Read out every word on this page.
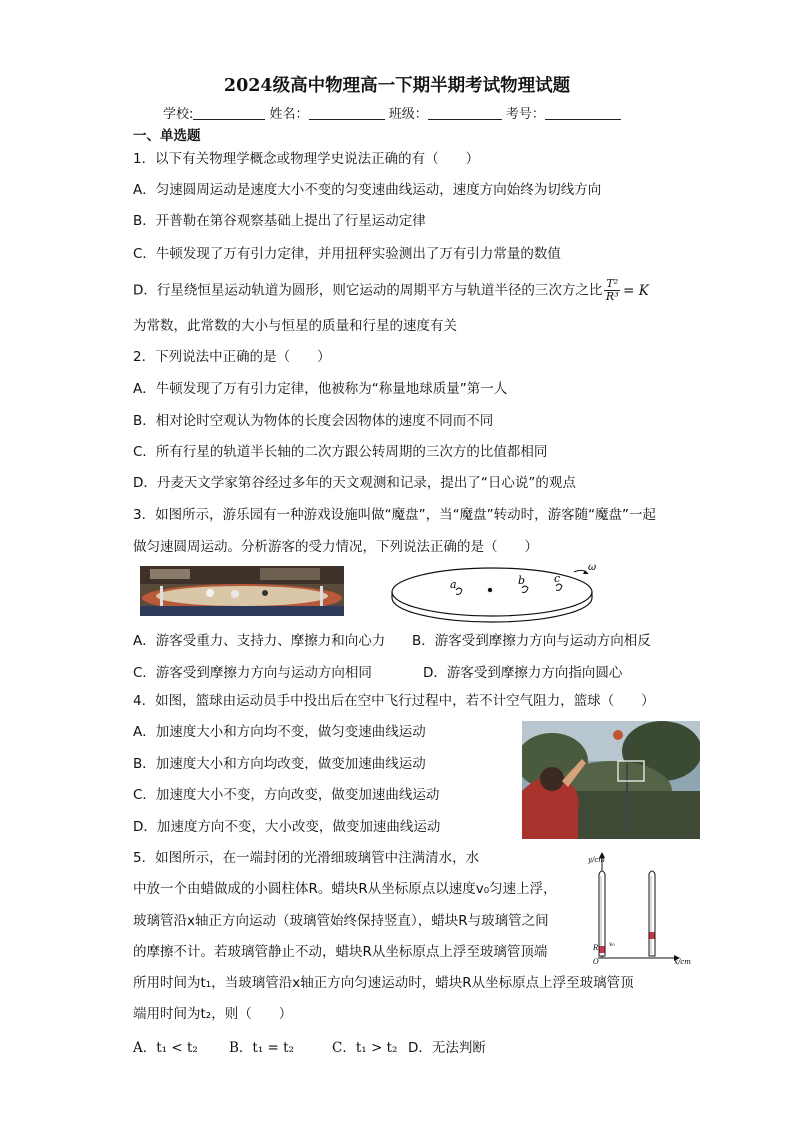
2024级高中物理高一下期半期考试物理试题
学校:	姓名：	班级：	考号：
一、单选题
1．以下有关物理学概念或物理学史说法正确的有（　　）
A．匀速圆周运动是速度大小不变的匀变速曲线运动，速度方向始终为切线方向
B．开普勒在第谷观察基础上提出了行星运动定律
C．牛顿发现了万有引力定律，并用扭秤实验测出了万有引力常量的数值
D．行星绕恒星运动轨道为圆形，则它运动的周期平方与轨道半径的三次方之比 $\frac{\text{T²}}{\text{R³}} = K$
为常数，此常数的大小与恒星的质量和行星的速度有关
2．下列说法中正确的是（　　）
A．牛顿发现了万有引力定律，他被称为“称量地球质量”第一人
B．相对论时空观认为物体的长度会因物体的速度不同而不同
C．所有行星的轨道半长轴的二次方跟公转周期的三次方的比值都相同
D．丹麦天文学家第谷经过多年的天文观测和记录，提出了“日心说”的观点
3．如图所示，游乐园有一种游戏设施叫做“魔盘”，当“魔盘”转动时，游客随“魔盘”一起
做匀速圆周运动。分析游客的受力情况，下列说法正确的是（　　）
a	b	c
ω
A．游客受重力、支持力、摩擦力和向心力 B．游客受到摩擦力方向与运动方向相反
C．游客受到摩擦力方向与运动方向相同	D．游客受到摩擦力方向指向圆心
4．如图，篮球由运动员手中投出后在空中飞行过程中，若不计空气阻力，篮球（　　）
A．加速度大小和方向均不变，做匀变速曲线运动
B．加速度大小和方向均改变，做变加速曲线运动
C．加速度大小不变，方向改变，做变加速曲线运动
D．加速度方向不变，大小改变，做变加速曲线运动
5．如图所示，在一端封闭的光滑细玻璃管中注满清水，水
中放一个由蜡做成的小圆柱体R。蜡块R从坐标原点以速度v₀匀速上浮，
玻璃管沿x轴正方向运动（玻璃管始终保持竖直），蜡块R与玻璃管之间
的摩擦不计。若玻璃管静止不动，蜡块R从坐标原点上浮至玻璃管顶端
所用时间为t₁，当玻璃管沿x轴正方向匀速运动时，蜡块R从坐标原点上浮至玻璃管顶
端用时间为t₂，则（　　）
y/cm
x/cm
O
R v₀
A．t₁ < t₂ B．t₁ = t₂	C．t₁ > t₂ D．无法判断
